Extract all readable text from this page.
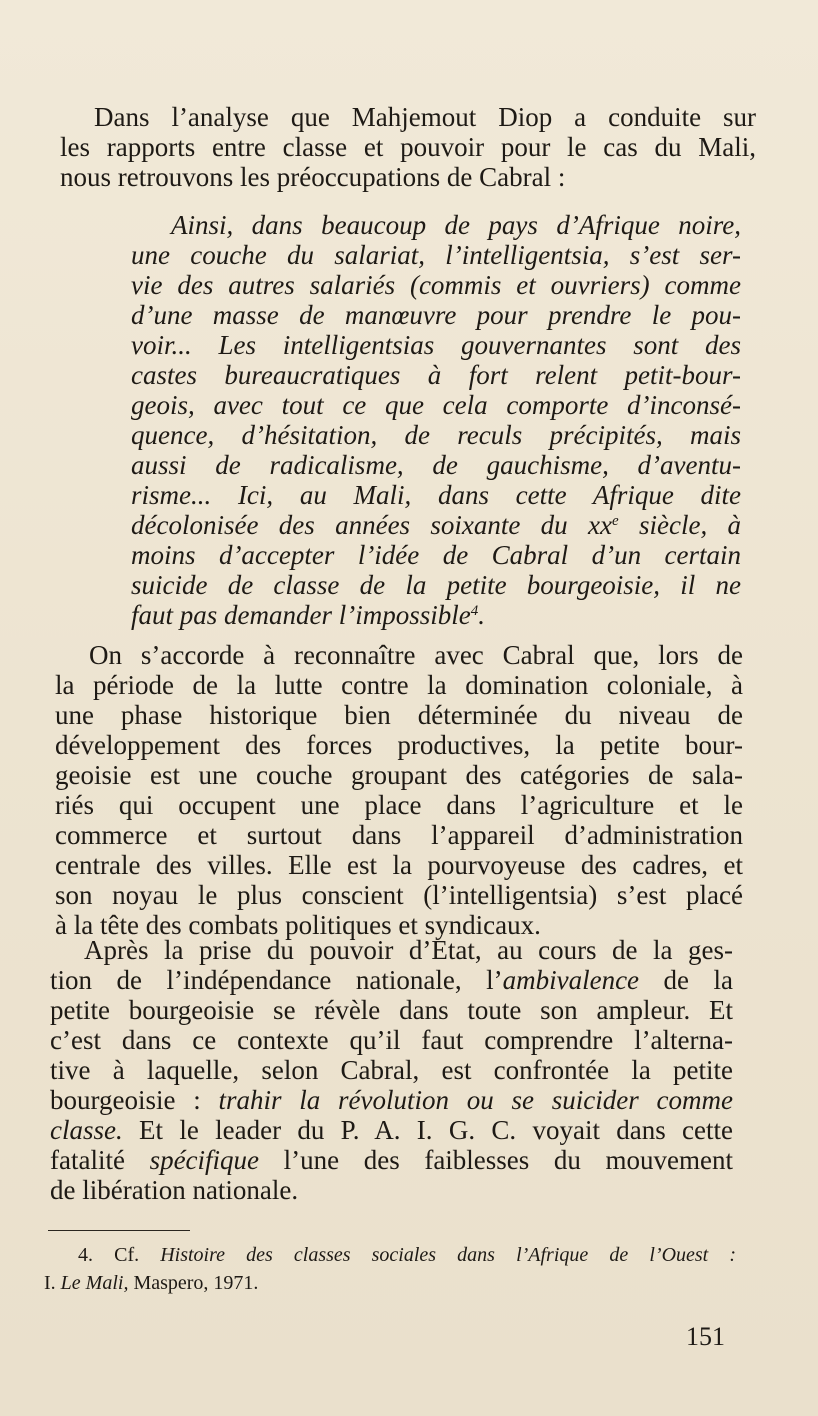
Dans l’analyse que Mahjemout Diop a conduite sur
les rapports entre classe et pouvoir pour le cas du Mali,
nous retrouvons les préoccupations de Cabral :

Ainsi, dans beaucoup de pays d’Afrique noire,
une couche du salariat, l’intelligentsia, s’est ser-
vie des autres salariés (commis et ouvriers) comme
d’une masse de manœuvre pour prendre le pou-
voir... Les intelligentsias gouvernantes sont des
castes bureaucratiques à fort relent petit-bour-
geois, avec tout ce que cela comporte d’inconsé-
quence, d’hésitation, de reculs précipités, mais
aussi de radicalisme, de gauchisme, d’aventu-
risme... Ici, au Mali, dans cette Afrique dite
décolonisée des années soixante du $xx^e$ siècle, à
moins d’accepter l’idée de Cabral d’un certain
suicide de classe de la petite bourgeoisie, il ne
faut pas demander l’impossible$^4$.

On s’accorde à reconnaître avec Cabral que, lors de
la période de la lutte contre la domination coloniale, à
une phase historique bien déterminée du niveau de
développement des forces productives, la petite bour-
geoisie est une couche groupant des catégories de sala-
riés qui occupent une place dans l’agriculture et le
commerce et surtout dans l’appareil d’administration
centrale des villes. Elle est la pourvoyeuse des cadres, et
son noyau le plus conscient (l’intelligentsia) s’est placé
à la tête des combats politiques et syndicaux.

Après la prise du pouvoir d’Etat, au cours de la ges-
tion de l’indépendance nationale, l’ambivalence de la
petite bourgeoisie se révèle dans toute son ampleur. Et
c’est dans ce contexte qu’il faut comprendre l’alterna-
tive à laquelle, selon Cabral, est confrontée la petite
bourgeoisie : trahir la révolution ou se suicider comme
classe. Et le leader du P. A. I. G. C. voyait dans cette
fatalité spécifique l’une des faiblesses du mouvement
de libération nationale.

4. Cf. Histoire des classes sociales dans l’Afrique de l’Ouest :
I. Le Mali, Maspero, 1971.

151
